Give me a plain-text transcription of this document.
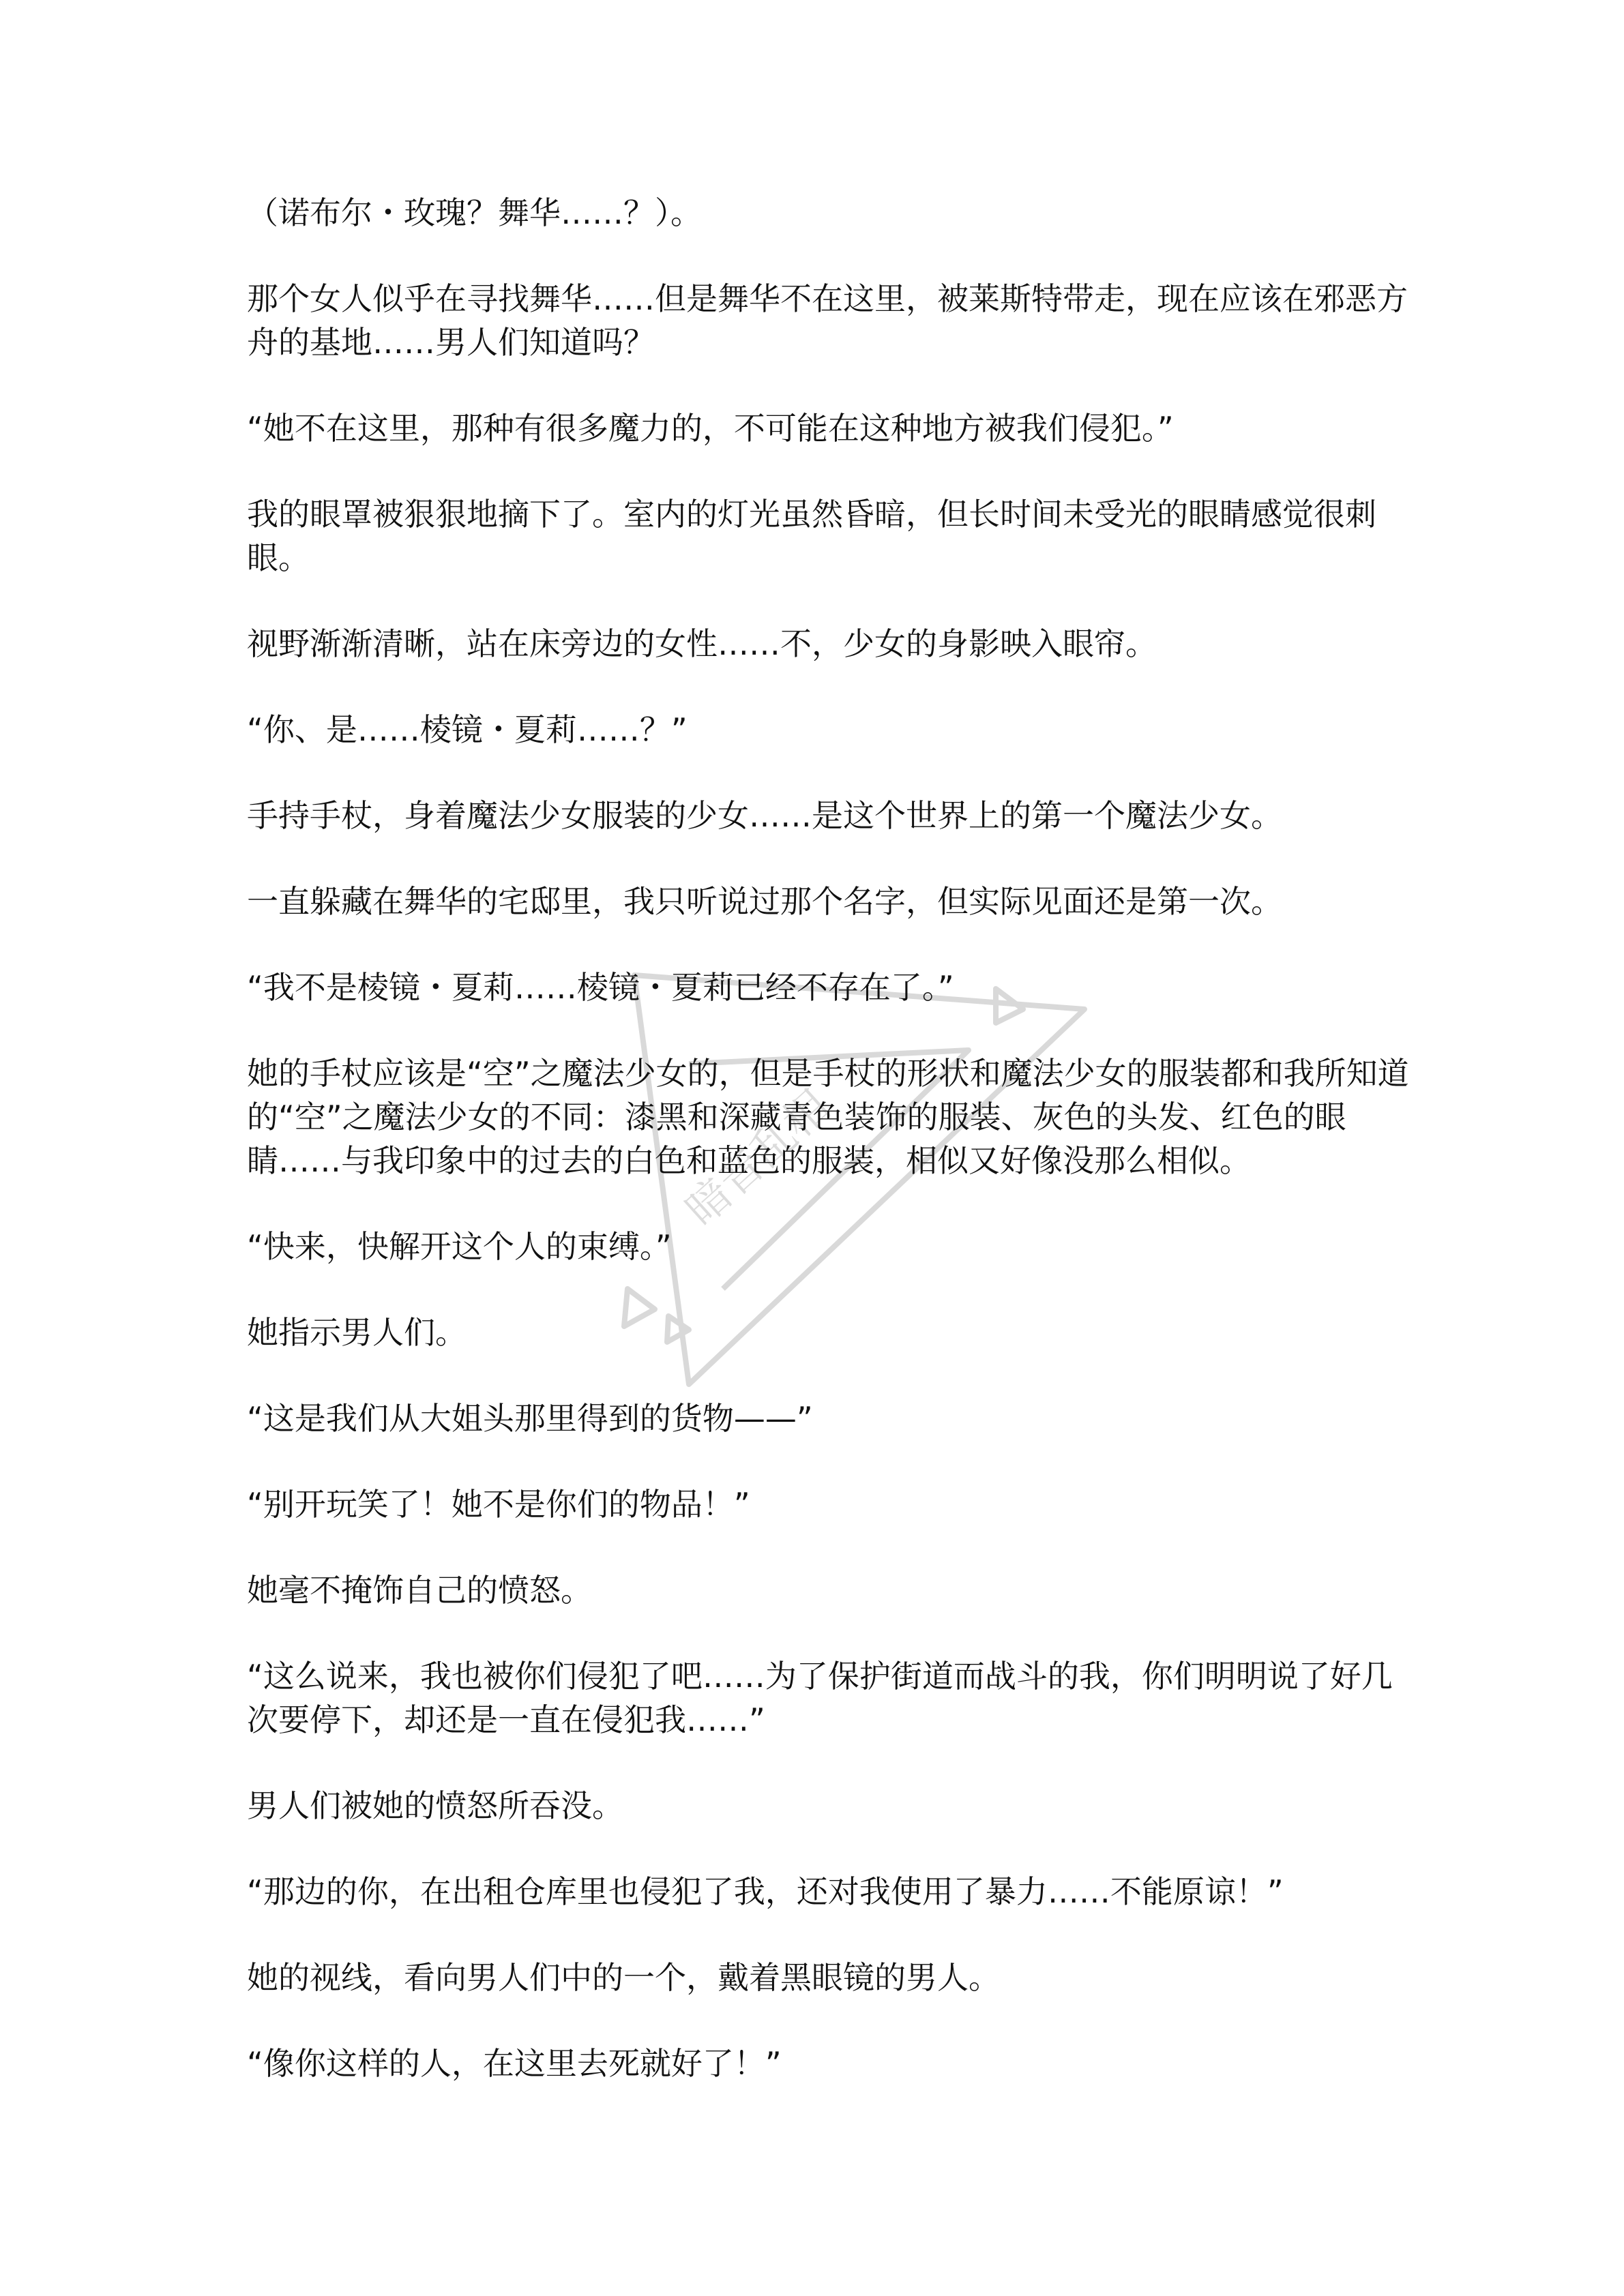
暗音乱相

（诺布尔・玫瑰？舞华……？）。

那个女人似乎在寻找舞华……但是舞华不在这里，被莱斯特带走，现在应该在邪恶方舟的基地……男人们知道吗？

“她不在这里，那种有很多魔力的，不可能在这种地方被我们侵犯。”

我的眼罩被狠狠地摘下了。室内的灯光虽然昏暗，但长时间未受光的眼睛感觉很刺眼。

视野渐渐清晰，站在床旁边的女性……不，少女的身影映入眼帘。

“你、是……棱镜・夏莉……？”

手持手杖，身着魔法少女服装的少女……是这个世界上的第一个魔法少女。

一直躲藏在舞华的宅邸里，我只听说过那个名字，但实际见面还是第一次。

“我不是棱镜・夏莉……棱镜・夏莉已经不存在了。”

她的手杖应该是“空”之魔法少女的，但是手杖的形状和魔法少女的服装都和我所知道的“空”之魔法少女的不同：漆黑和深藏青色装饰的服装、灰色的头发、红色的眼睛……与我印象中的过去的白色和蓝色的服装，相似又好像没那么相似。

“快来，快解开这个人的束缚。”

她指示男人们。

“这是我们从大姐头那里得到的货物——”

“别开玩笑了！她不是你们的物品！”

她毫不掩饰自己的愤怒。

“这么说来，我也被你们侵犯了吧……为了保护街道而战斗的我，你们明明说了好几次要停下，却还是一直在侵犯我……”

男人们被她的愤怒所吞没。

“那边的你，在出租仓库里也侵犯了我，还对我使用了暴力……不能原谅！”

她的视线，看向男人们中的一个，戴着黑眼镜的男人。

“像你这样的人，在这里去死就好了！”
